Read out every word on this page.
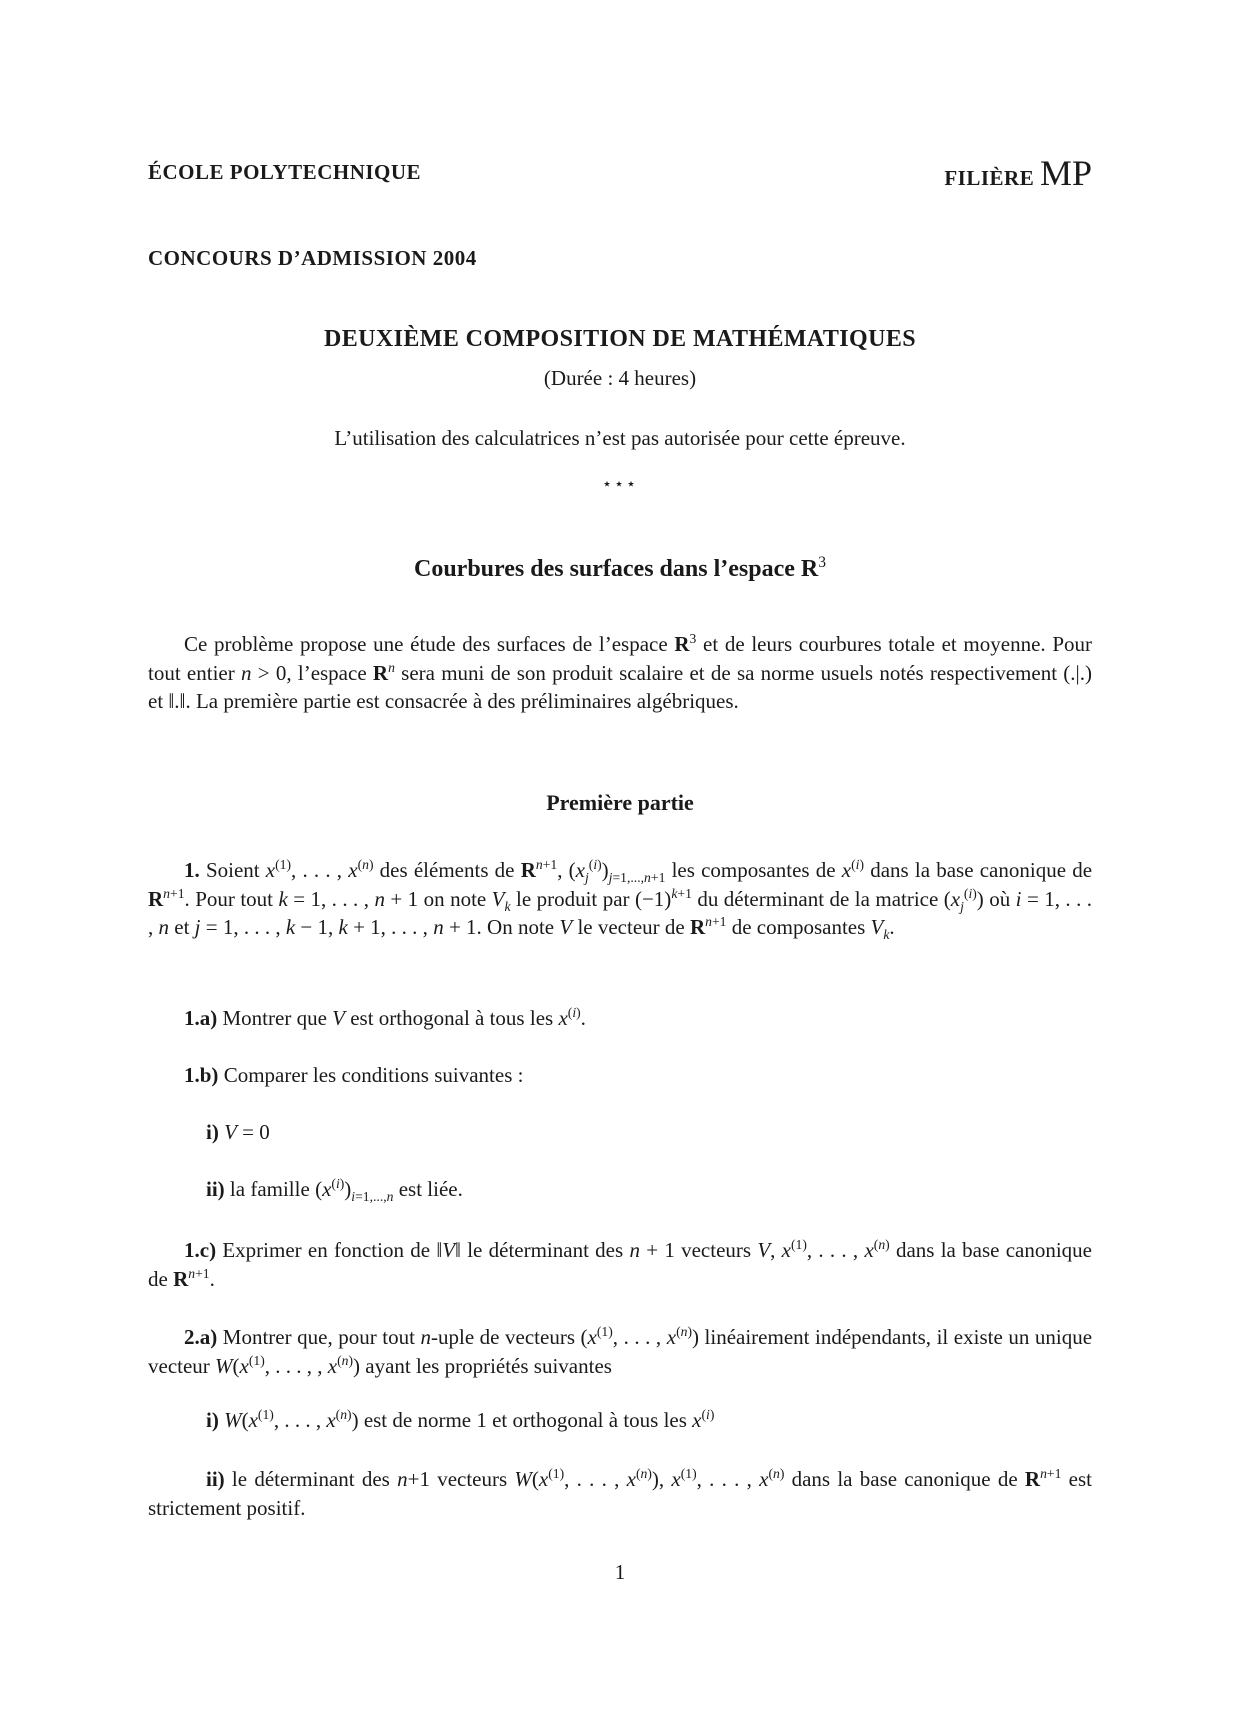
ÉCOLE POLYTECHNIQUE	FILIÈRE MP
CONCOURS D’ADMISSION 2004
DEUXIÈME COMPOSITION DE MATHÉMATIQUES
(Durée : 4 heures)
L’utilisation des calculatrices n’est pas autorisée pour cette épreuve.
⋆⋆⋆
Courbures des surfaces dans l’espace $R^3$
Ce problème propose une étude des surfaces de l’espace $R^3$ et de leurs courbures totale et moyenne. Pour tout entier n > 0, l’espace $R^n$ sera muni de son produit scalaire et de sa norme usuels notés respectivement (.|.) et ‖.‖. La première partie est consacrée à des préliminaires algébriques.
Première partie
1. Soient $x^{(1)}$, . . . , $x^{(n)}$ des éléments de $R^{n+1}$, $(x_j^{(i)})_{j=1,...,n+1}$ les composantes de $x^{(i)}$ dans la base canonique de $R^{n+1}$. Pour tout k = 1, . . . , n + 1 on note $V_k$ le produit par $(-1)^{k+1}$ du déterminant de la matrice $(x_j^{(i)})$ où i = 1, . . . , n et j = 1, . . . , k − 1, k + 1, . . . , n + 1. On note V le vecteur de $R^{n+1}$ de composantes $V_k$.
1.a) Montrer que V est orthogonal à tous les $x^{(i)}$.
1.b) Comparer les conditions suivantes :
i) V = 0
ii) la famille $(x^{(i)})_{i=1,...,n}$ est liée.
1.c) Exprimer en fonction de ‖V‖ le déterminant des n + 1 vecteurs V, $x^{(1)}$, . . . , $x^{(n)}$ dans la base canonique de $R^{n+1}$.
2.a) Montrer que, pour tout n-uple de vecteurs ($x^{(1)}$, . . . , $x^{(n)}$) linéairement indépendants, il existe un unique vecteur $W(x^{(1)}$, . . . , , $x^{(n)}$) ayant les propriétés suivantes
i) $W(x^{(1)}$, . . . , $x^{(n)}$) est de norme 1 et orthogonal à tous les $x^{(i)}$
ii) le déterminant des n+1 vecteurs $W(x^{(1)}$, . . . , $x^{(n)}$), $x^{(1)}$, . . . , $x^{(n)}$ dans la base canonique de $R^{n+1}$ est strictement positif.
1
